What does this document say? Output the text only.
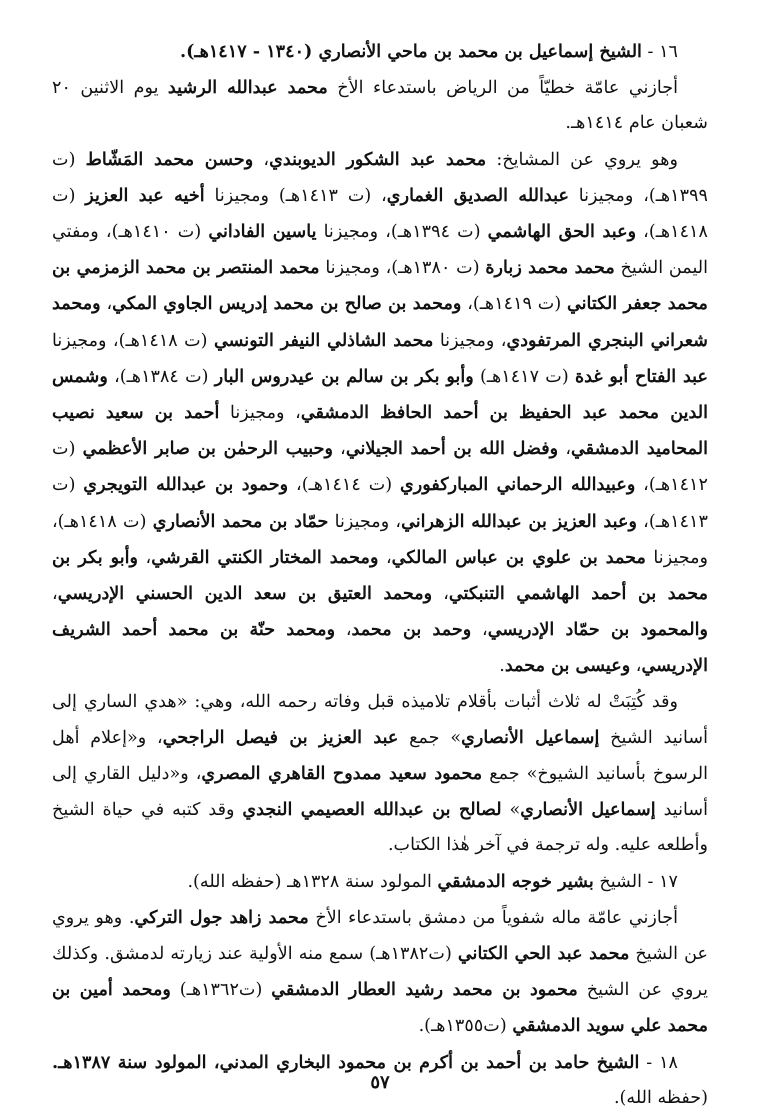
١٦ - الشيخ إسماعيل بن محمد بن ماحي الأنصاري (١٣٤٠ - ١٤١٧هـ).

أجازني عامّة خطيّاً من الرياض باستدعاء الأخ محمد عبدالله الرشيد يوم الاثنين ٢٠ شعبان عام ١٤١٤هـ.

وهو يروي عن المشايخ: محمد عبد الشكور الديوبندي، وحسن محمد المَشّاط (ت ١٣٩٩هـ)، ومجيزنا عبدالله الصديق الغماري، (ت ١٤١٣هـ) ومجيزنا أخيه عبد العزيز (ت ١٤١٨هـ)، وعبد الحق الهاشمي (ت ١٣٩٤هـ)، ومجيزنا ياسين الفاداني (ت ١٤١٠هـ)، ومفتي اليمن الشيخ محمد محمد زبارة (ت ١٣٨٠هـ)، ومجيزنا محمد المنتصر بن محمد الزمزمي بن محمد جعفر الكتاني (ت ١٤١٩هـ)، ومحمد بن صالح بن محمد إدريس الجاوي المكي، ومحمد شعراني البنجري المرتفودي، ومجيزنا محمد الشاذلي النيفر التونسي (ت ١٤١٨هـ)، ومجيزنا عبد الفتاح أبو غدة (ت ١٤١٧هـ) وأبو بكر بن سالم بن عيدروس البار (ت ١٣٨٤هـ)، وشمس الدين محمد عبد الحفيظ بن أحمد الحافظ الدمشقي، ومجيزنا أحمد بن سعيد نصيب المحاميد الدمشقي، وفضل الله بن أحمد الجيلاني، وحبيب الرحمٰن بن صابر الأعظمي (ت ١٤١٢هـ)، وعبيدالله الرحماني المباركفوري (ت ١٤١٤هـ)، وحمود بن عبدالله التويجري (ت ١٤١٣هـ)، وعبد العزيز بن عبدالله الزهراني، ومجيزنا حمّاد بن محمد الأنصاري (ت ١٤١٨هـ)، ومجيزنا محمد بن علوي بن عباس المالكي، ومحمد المختار الكنتي القرشي، وأبو بكر بن محمد بن أحمد الهاشمي التنبكتي، ومحمد العتيق بن سعد الدين الحسني الإدريسي، والمحمود بن حمّاد الإدريسي، وحمد بن محمد، ومحمد حنّة بن محمد أحمد الشريف الإدريسي، وعيسى بن محمد.

وقد كُتِبَتْ له ثلاث أثبات بأقلام تلاميذه قبل وفاته رحمه الله، وهي: «هدي الساري إلى أسانيد الشيخ إسماعيل الأنصاري» جمع عبد العزيز بن فيصل الراجحي، و«إعلام أهل الرسوخ بأسانيد الشيوخ» جمع محمود سعيد ممدوح القاهري المصري، و«دليل القاري إلى أسانيد إسماعيل الأنصاري» لصالح بن عبدالله العصيمي النجدي وقد كتبه في حياة الشيخ وأطلعه عليه. وله ترجمة في آخر هٰذا الكتاب.

١٧ - الشيخ بشير خوجه الدمشقي المولود سنة ١٣٢٨هـ (حفظه الله).

أجازني عامّة ماله شفوياً من دمشق باستدعاء الأخ محمد زاهد جول التركي. وهو يروي عن الشيخ محمد عبد الحي الكتاني (ت١٣٨٢هـ) سمع منه الأولية عند زيارته لدمشق. وكذلك يروي عن الشيخ محمود بن محمد رشيد العطار الدمشقي (ت١٣٦٢هـ) ومحمد أمين بن محمد علي سويد الدمشقي (ت١٣٥٥هـ).

١٨ - الشيخ حامد بن أحمد بن أكرم بن محمود البخاري المدني، المولود سنة ١٣٨٧هـ. (حفظه الله).

٥٧
